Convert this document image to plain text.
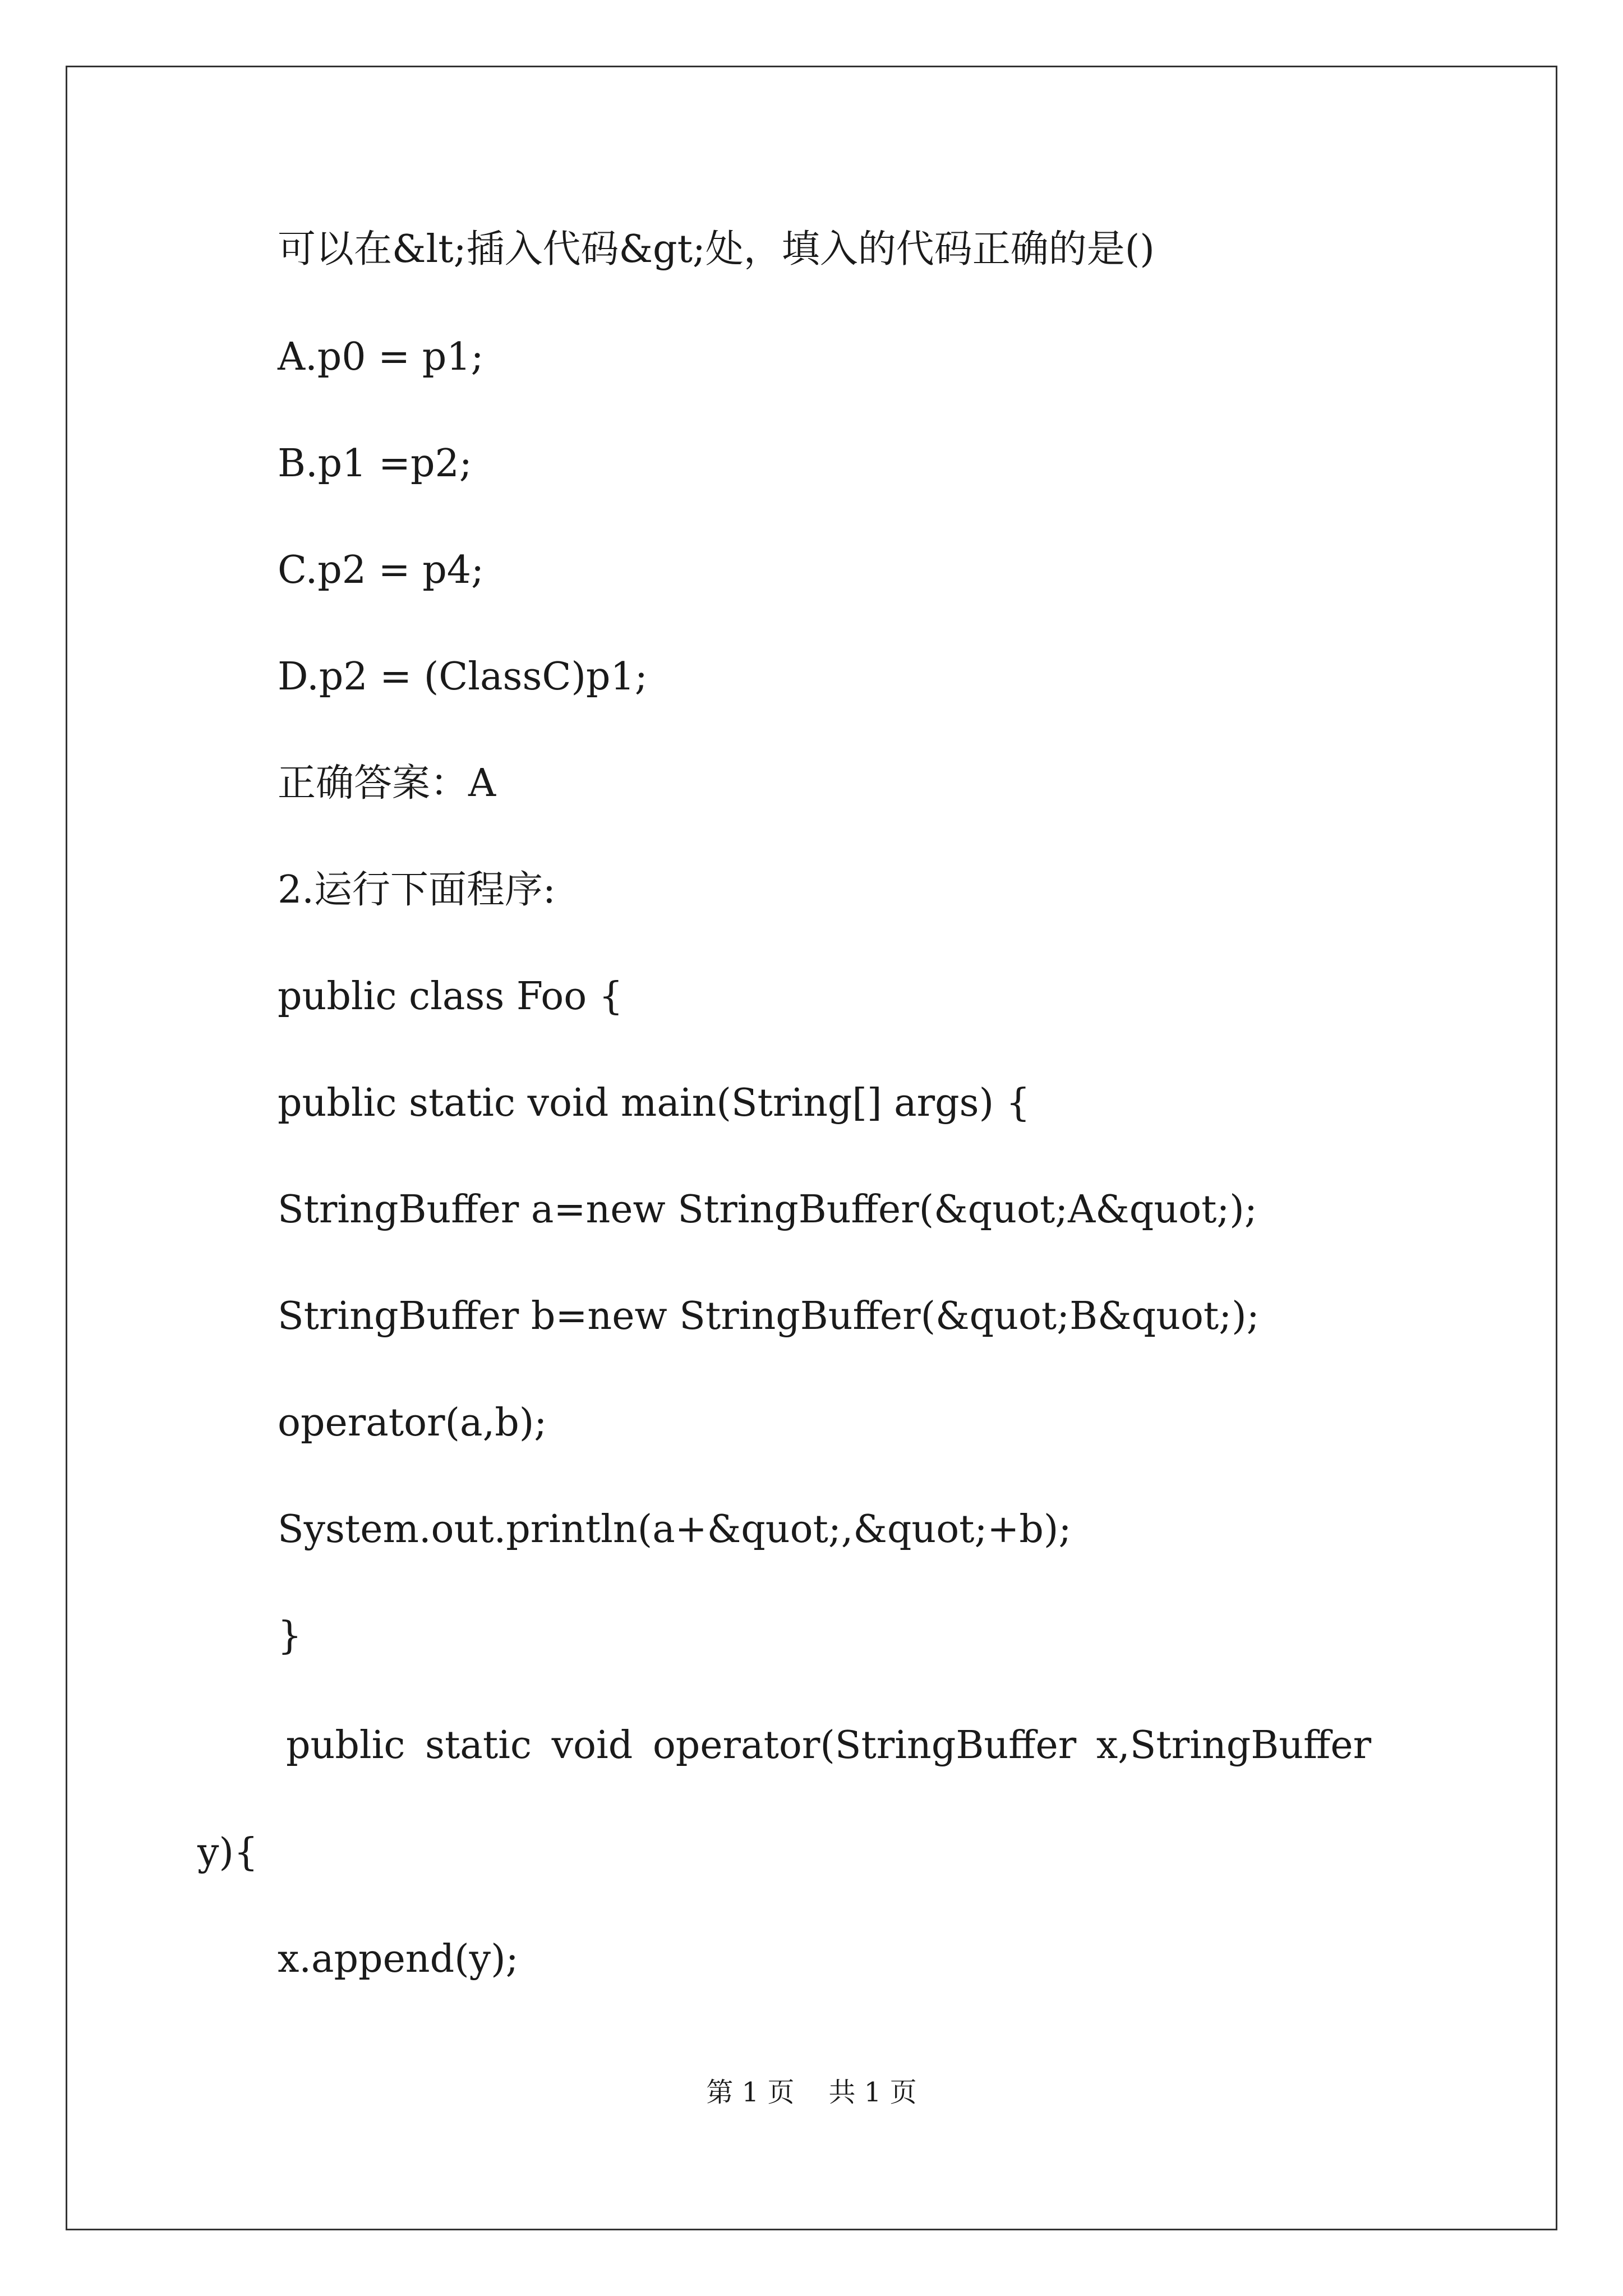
可以在&lt;插入代码&gt;处，填入的代码正确的是()
A.p0 = p1;
B.p1 =p2;
C.p2 = p4;
D.p2 = (ClassC)p1;
正确答案：A
2.运行下面程序:
public class Foo {
public static void main(String[] args) {
StringBuffer a=new StringBuffer(&quot;A&quot;);
StringBuffer b=new StringBuffer(&quot;B&quot;);
operator(a,b);
System.out.println(a+&quot;,&quot;+b);
}
public static void operator(StringBuffer x,StringBuffer
y){
x.append(y);
第 1 页    共 1 页
